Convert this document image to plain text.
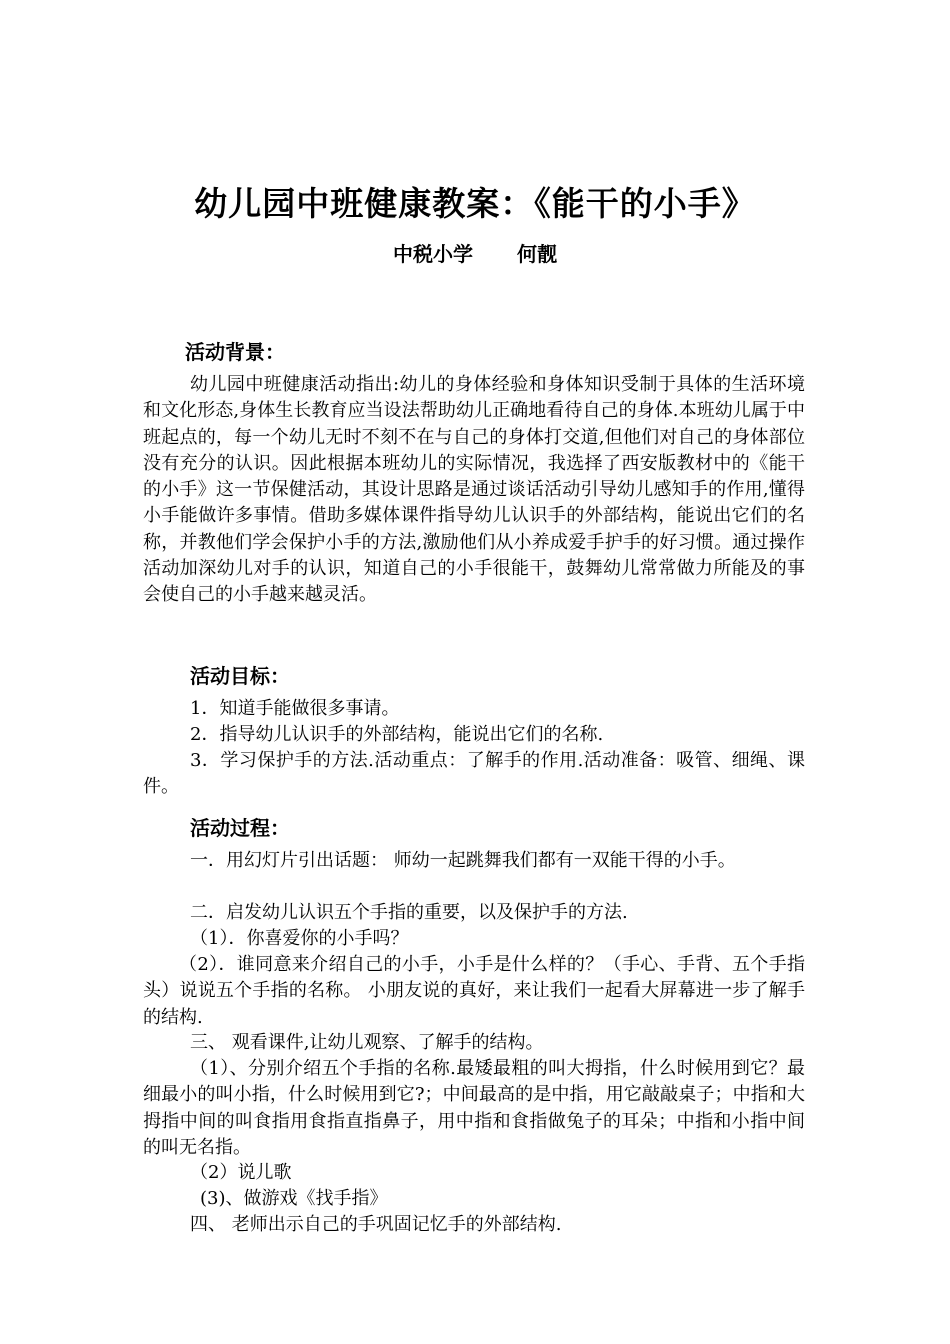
幼儿园中班健康教案：《能干的小手》

中税小学 何靓

活动背景：

幼儿园中班健康活动指出:幼儿的身体经验和身体知识受制于具体的生活环境和文化形态,身体生长教育应当设法帮助幼儿正确地看待自己的身体.本班幼儿属于中班起点的，每一个幼儿无时不刻不在与自己的身体打交道,但他们对自己的身体部位没有充分的认识。因此根据本班幼儿的实际情况，我选择了西安版教材中的《能干的小手》这一节保健活动，其设计思路是通过谈话活动引导幼儿感知手的作用,懂得小手能做许多事情。借助多媒体课件指导幼儿认识手的外部结构，能说出它们的名称，并教他们学会保护小手的方法,激励他们从小养成爱手护手的好习惯。通过操作活动加深幼儿对手的认识，知道自己的小手很能干，鼓舞幼儿常常做力所能及的事会使自己的小手越来越灵活。

活动目标：

1．知道手能做很多事请。

2．指导幼儿认识手的外部结构，能说出它们的名称.

3．学习保护手的方法.活动重点：了解手的作用.活动准备：吸管、细绳、课件。

活动过程：

一．用幻灯片引出话题： 师幼一起跳舞我们都有一双能干得的小手。

二．启发幼儿认识五个手指的重要，以及保护手的方法.

（1）．你喜爱你的小手吗？

（2）．谁同意来介绍自己的小手，小手是什么样的？（手心、手背、五个手指头）说说五个手指的名称。 小朋友说的真好，来让我们一起看大屏幕进一步了解手的结构.

三、 观看课件,让幼儿观察、了解手的结构。

（1）、分别介绍五个手指的名称.最矮最粗的叫大拇指，什么时候用到它？最细最小的叫小指，什么时候用到它?；中间最高的是中指，用它敲敲桌子；中指和大拇指中间的叫食指用食指直指鼻子，用中指和食指做兔子的耳朵；中指和小指中间的叫无名指。

（2）说儿歌

(3)、做游戏《找手指》

四、 老师出示自己的手巩固记忆手的外部结构.
